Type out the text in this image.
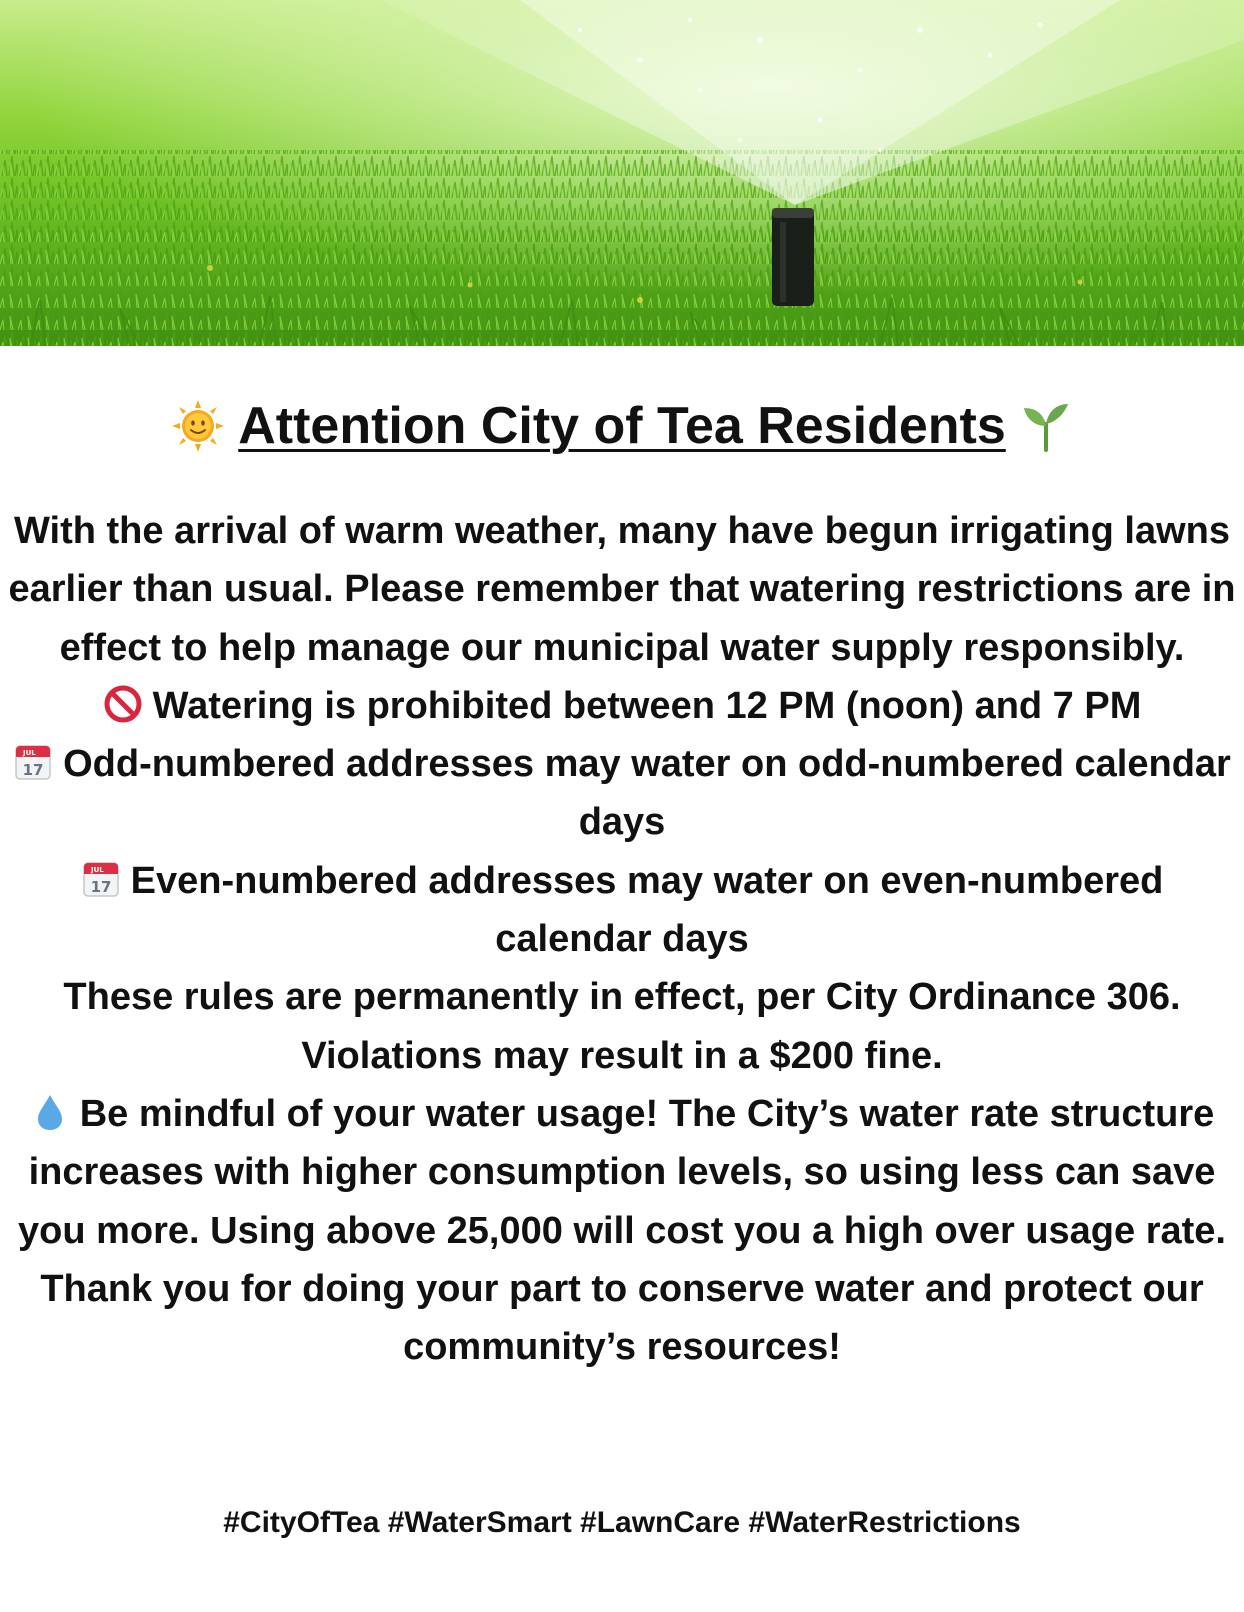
Attention City of Tea Residents

With the arrival of warm weather, many have begun irrigating lawns earlier than usual. Please remember that watering restrictions are in effect to help manage our municipal water supply responsibly.

Watering is prohibited between 12 PM (noon) and 7 PM

JUL
17 Odd-numbered addresses may water on odd-numbered calendar days

JUL
17 Even-numbered addresses may water on even-numbered calendar days

These rules are permanently in effect, per City Ordinance 306. Violations may result in a $200 fine.

Be mindful of your water usage! The City’s water rate structure increases with higher consumption levels, so using less can save you more. Using above 25,000 will cost you a high over usage rate.

Thank you for doing your part to conserve water and protect our community’s resources!

#CityOfTea #WaterSmart #LawnCare #WaterRestrictions
